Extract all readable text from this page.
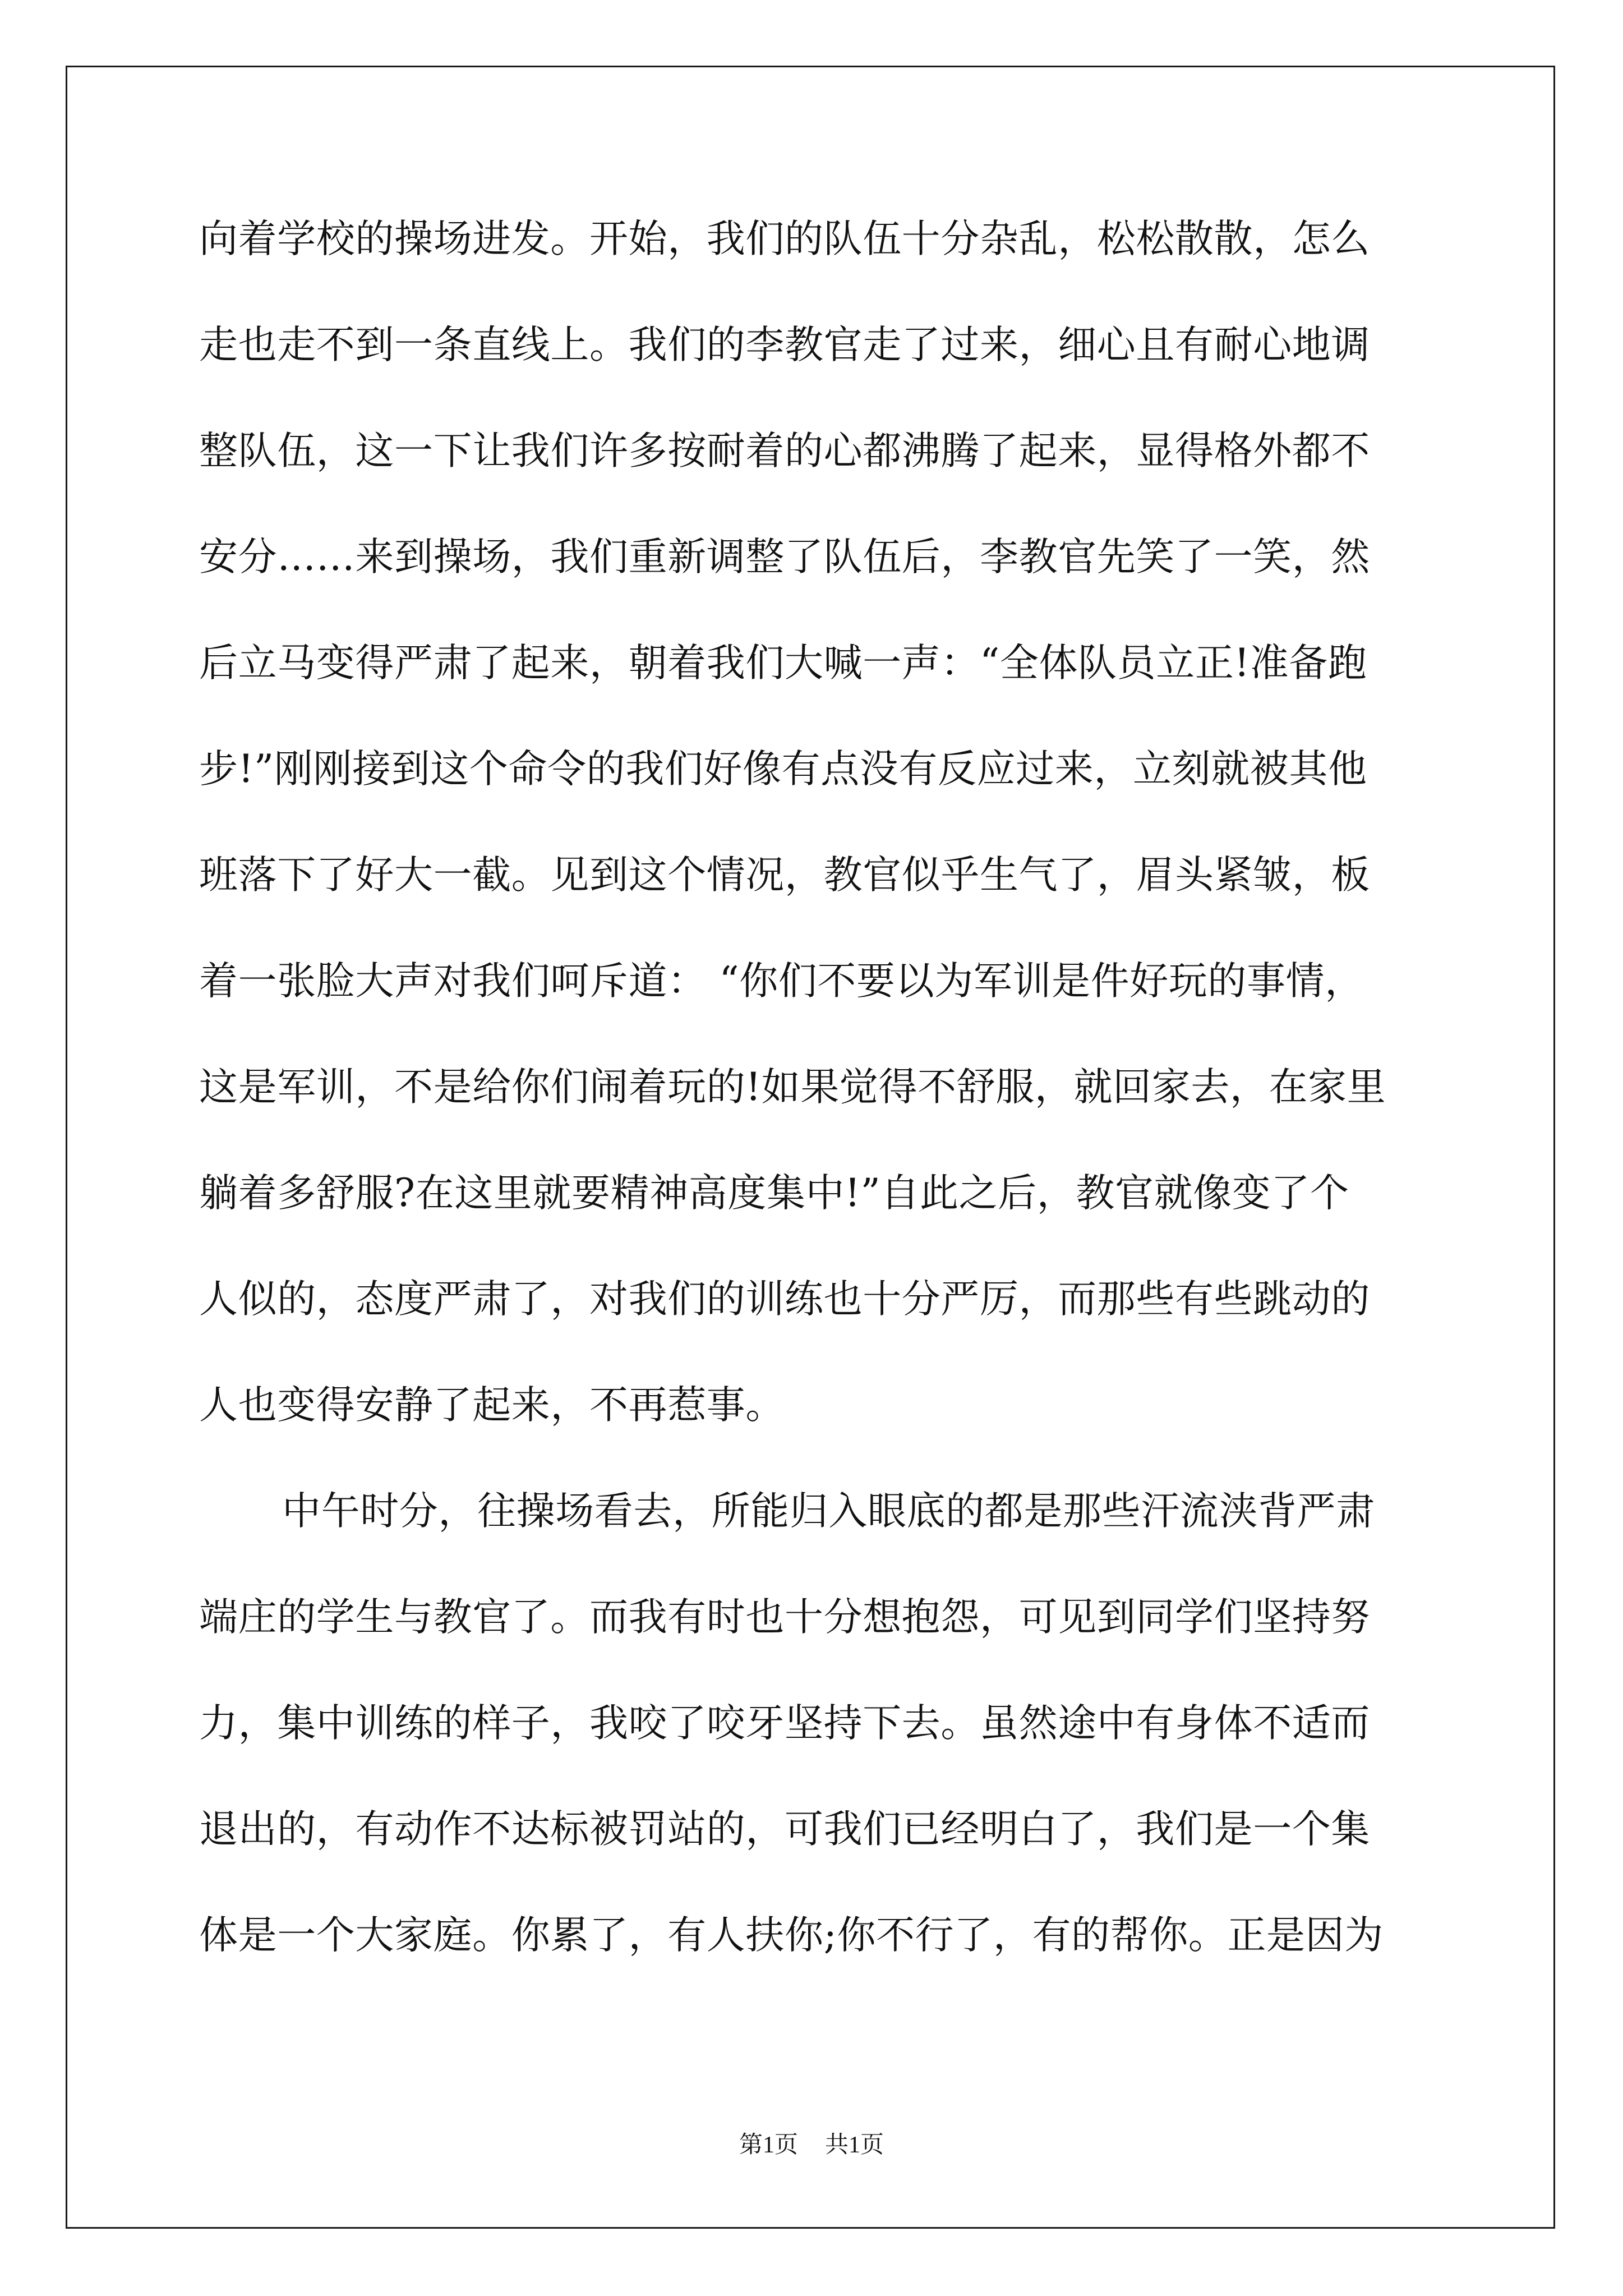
向着学校的操场进发。开始，我们的队伍十分杂乱，松松散散，怎么
走也走不到一条直线上。我们的李教官走了过来，细心且有耐心地调
整队伍，这一下让我们许多按耐着的心都沸腾了起来，显得格外都不
安分……来到操场，我们重新调整了队伍后，李教官先笑了一笑，然
后立马变得严肃了起来，朝着我们大喊一声：“全体队员立正!准备跑
步!”刚刚接到这个命令的我们好像有点没有反应过来，立刻就被其他
班落下了好大一截。见到这个情况，教官似乎生气了，眉头紧皱，板
着一张脸大声对我们呵斥道： “你们不要以为军训是件好玩的事情，
这是军训，不是给你们闹着玩的!如果觉得不舒服，就回家去，在家里
躺着多舒服?在这里就要精神高度集中!”自此之后，教官就像变了个
人似的，态度严肃了，对我们的训练也十分严厉，而那些有些跳动的
人也变得安静了起来，不再惹事。
中午时分，往操场看去，所能归入眼底的都是那些汗流浃背严肃
端庄的学生与教官了。而我有时也十分想抱怨，可见到同学们坚持努
力，集中训练的样子，我咬了咬牙坚持下去。虽然途中有身体不适而
退出的，有动作不达标被罚站的，可我们已经明白了，我们是一个集
体是一个大家庭。你累了，有人扶你;你不行了，有的帮你。正是因为
第1页 共1页
